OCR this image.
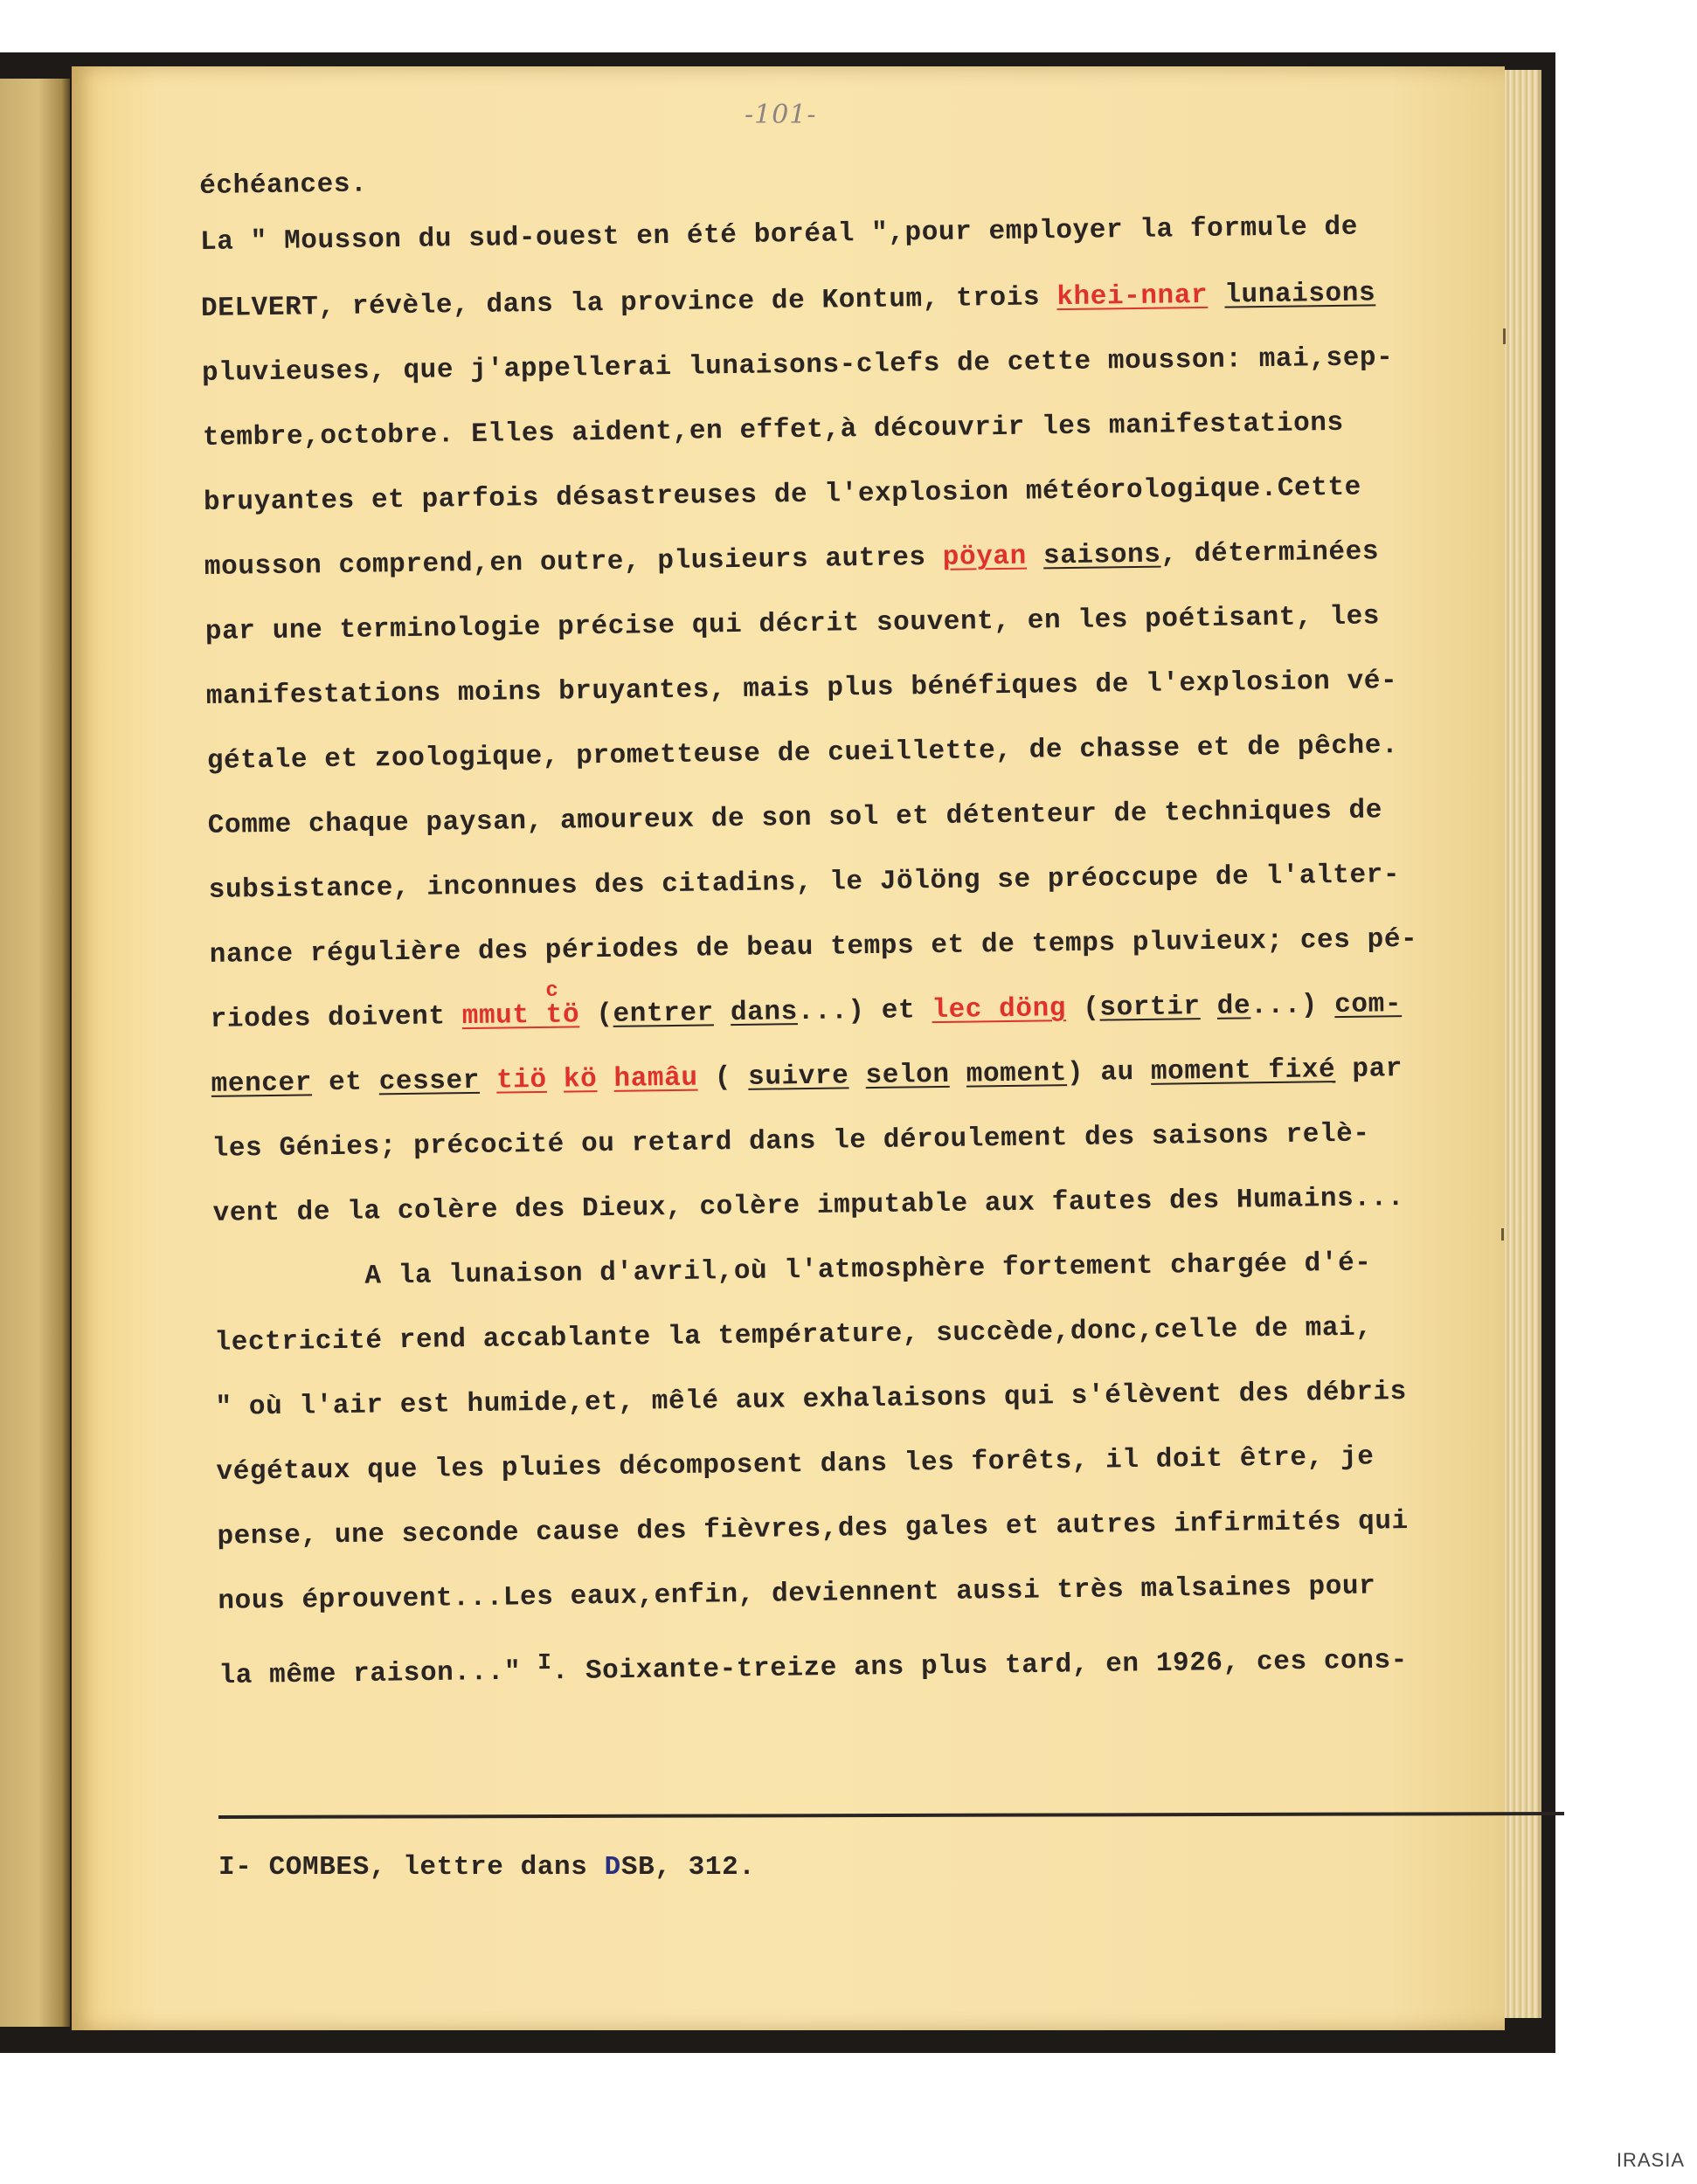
-101-
échéances.
La " Mousson du sud-ouest en été boréal ",pour employer la formule de
DELVERT, révèle, dans la province de Kontum, trois khei-nnar lunaisons
pluvieuses, que j'appellerai lunaisons-clefs de cette mousson: mai,sep-
tembre,octobre. Elles aident,en effet,à découvrir les manifestations
bruyantes et parfois désastreuses de l'explosion météorologique.Cette
mousson comprend,en outre, plusieurs autres pöyan saisons, déterminées
par une terminologie précise qui décrit souvent, en les poétisant, les
manifestations moins bruyantes, mais plus bénéfiques de l'explosion vé-
gétale et zoologique, prometteuse de cueillette, de chasse et de pêche.
Comme chaque paysan, amoureux de son sol et détenteur de techniques de
subsistance, inconnues des citadins, le Jölöng se préoccupe de l'alter-
nance régulière des périodes de beau temps et de temps pluvieux; ces pé-
riodes doivent mmut tö
c
(entrer dans...) et lec döng (sortir de...) com-
mencer et cesser tiö kö hamâu ( suivre selon moment) au moment fixé par
les Génies; précocité ou retard dans le déroulement des saisons relè-
vent de la colère des Dieux, colère imputable aux fautes des Humains...
A la lunaison d'avril,où l'atmosphère fortement chargée d'é-
lectricité rend accablante la température, succède,donc,celle de mai,
" où l'air est humide,et, mêlé aux exhalaisons qui s'élèvent des débris
végétaux que les pluies décomposent dans les forêts, il doit être, je
pense, une seconde cause des fièvres,des gales et autres infirmités qui
nous éprouvent...Les eaux,enfin, deviennent aussi très malsaines pour
la même raison..." $^I$. Soixante-treize ans plus tard, en 1926, ces cons-
I- COMBES, lettre dans DSB, 312.
IRASIA
